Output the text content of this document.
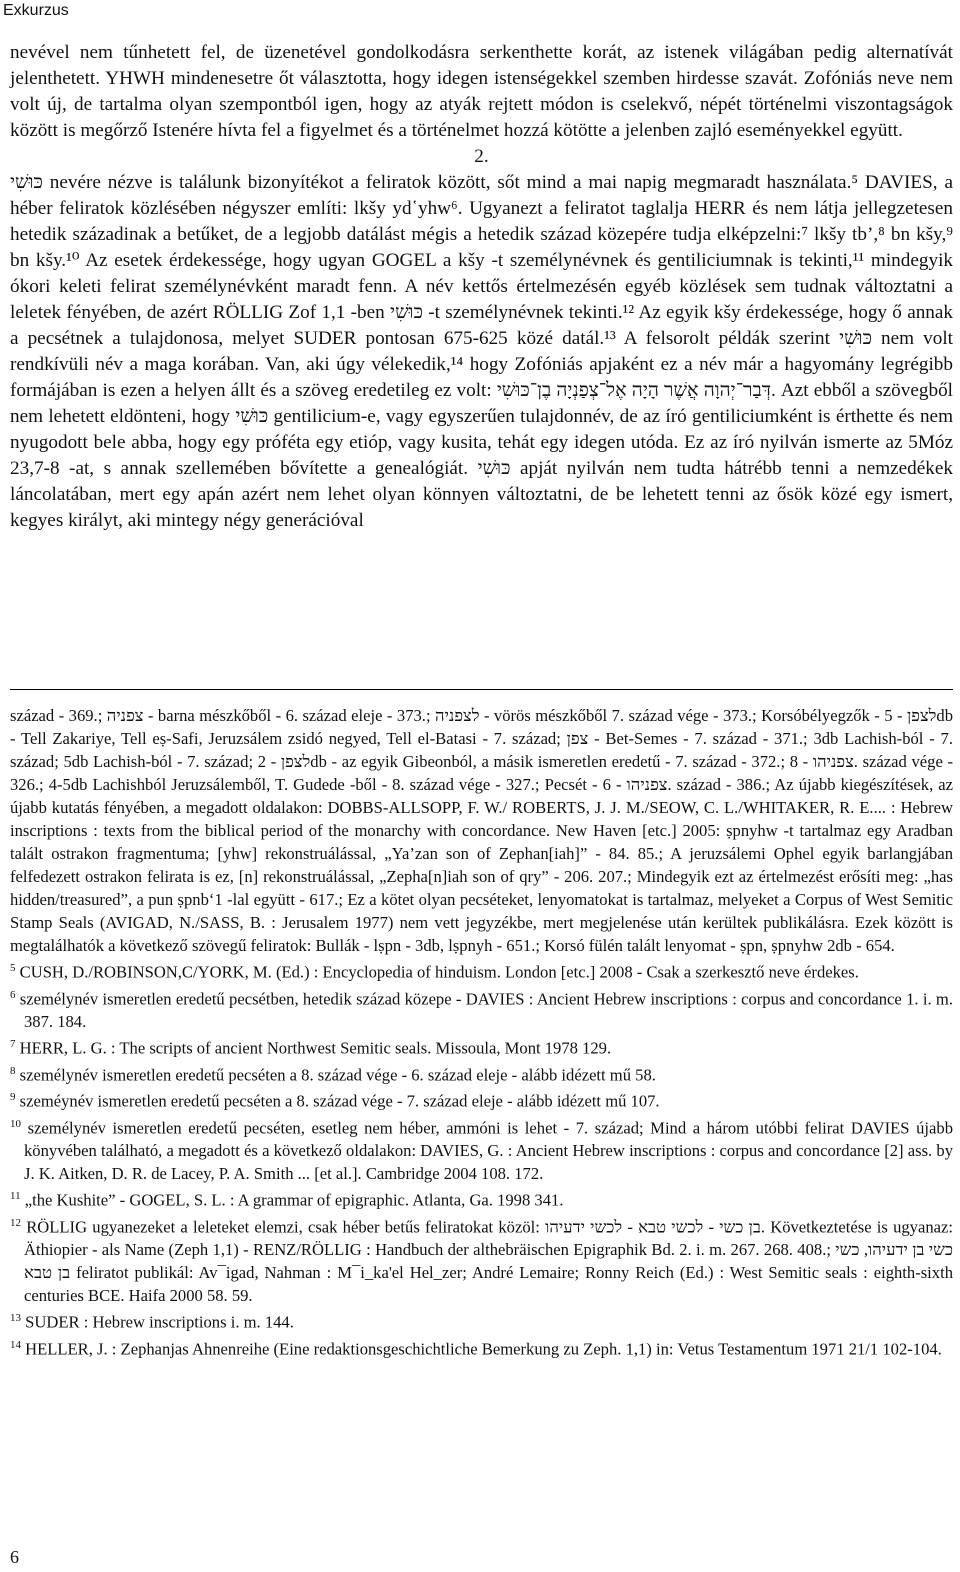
Exkurzus

nevével nem tűnhetett fel, de üzenetével gondolkodásra serkenthette korát, az istenek világában pedig alternatívát jelenthetett. YHWH mindenesetre őt választotta, hogy idegen istenségekkel szemben hirdesse szavát. Zofóniás neve nem volt új, de tartalma olyan szempontból igen, hogy az atyák rejtett módon is cselekvő, népét történelmi viszontagságok között is megőrző Istenére hívta fel a figyelmet és a történelmet hozzá kötötte a jelenben zajló eseményekkel együtt.

2.

כּוּשִׁי nevére nézve is találunk bizonyítékot a feliratok között, sőt mind a mai napig megmaradt használata.⁵ DAVIES, a héber feliratok közlésében négyszer említi: lkšy yd῾yhw⁶. Ugyanezt a feliratot taglalja HERR és nem látja jellegzetesen hetedik századinak a betűket, de a legjobb datálást mégis a hetedik század közepére tudja elképzelni:⁷ lkšy tb’,⁸ bn kšy,⁹ bn kšy.¹⁰ Az esetek érdekessége, hogy ugyan GOGEL a kšy -t személynévnek és gentiliciumnak is tekinti,¹¹ mindegyik ókori keleti felirat személynévként maradt fenn. A név kettős értelmezésén egyéb közlések sem tudnak változtatni a leletek fényében, de azért RÖLLIG Zof 1,1 -ben כּוּשִׁי -t személynévnek tekinti.¹² Az egyik kšy érdekessége, hogy ő annak a pecsétnek a tulajdonosa, melyet SUDER pontosan 675-625 közé datál.¹³ A felsorolt példák szerint כּוּשִׁי nem volt rendkívüli név a maga korában. Van, aki úgy vélekedik,¹⁴ hogy Zofóniás apjaként ez a név már a hagyomány legrégibb formájában is ezen a helyen állt és a szöveg eredetileg ez volt: דְּבַר־יְהוָה אֲשֶׁר הָיָה אֶל־צְפַנְיָה בֶן־כּוּשִׁי. Azt ebből a szövegből nem lehetett eldönteni, hogy כּוּשִׁי gentilicium-e, vagy egyszerűen tulajdonnév, de az író gentiliciumként is érthette és nem nyugodott bele abba, hogy egy próféta egy etióp, vagy kusita, tehát egy idegen utóda. Ez az író nyilván ismerte az 5Móz 23,7-8 -at, s annak szellemében bővítette a genealógiát. כּוּשִׁי apját nyilván nem tudta hátrébb tenni a nemzedékek láncolatában, mert egy apán azért nem lehet olyan könnyen változtatni, de be lehetett tenni az ősök közé egy ismert, kegyes királyt, aki mintegy négy generációval

század - 369.; צפניה - barna mészkőből - 6. század eleje - 373.; לצפניה - vörös mészkőből 7. század vége - 373.; Korsóbélyegzők - לצפן - 5db - Tell Zakariye, Tell eṣ-Safi, Jeruzsálem zsidó negyed, Tell el-Batasi - 7. század; צפן - Bet-Semes - 7. század - 371.; 3db Lachish-ból - 7. század; 5db Lachish-ból - 7. század; לצפן - 2db - az egyik Gibeonból, a másik ismeretlen eredetű - 7. század - 372.; צפניהו - 8. század vége - 326.; 4-5db Lachishból Jeruzsálemből, T. Gudede -ből - 8. század vége - 327.; Pecsét - צפניהו - 6. század - 386.; Az újabb kiegészítések, az újabb kutatás fényében, a megadott oldalakon: DOBBS-ALLSOPP, F. W./ ROBERTS, J. J. M./SEOW, C. L./WHITAKER, R. E.... : Hebrew inscriptions : texts from the biblical period of the monarchy with concordance. New Haven [etc.] 2005: ṣpnyhw -t tartalmaz egy Aradban talált ostrakon fragmentuma; [yhw] rekonstruálással, „Ya’zan son of Zephan[iah]” - 84. 85.; A jeruzsálemi Ophel egyik barlangjában felfedezett ostrakon felirata is ez, [n] rekonstruálással, „Zepha[n]iah son of qry” - 206. 207.; Mindegyik ezt az értelmezést erősíti meg: „has hidden/treasured”, a pun ṣpnb‘1 -lal együtt - 617.; Ez a kötet olyan pecséteket, lenyomatokat is tartalmaz, melyeket a Corpus of West Semitic Stamp Seals (AVIGAD, N./SASS, B. : Jerusalem 1977) nem vett jegyzékbe, mert megjelenése után kerültek publikálásra. Ezek között is megtalálhatók a következő szövegű feliratok: Bullák - lṣpn - 3db, lṣpnyh - 651.; Korsó fülén talált lenyomat - ṣpn, ṣpnyhw 2db - 654.

$^5$ CUSH, D./ROBINSON,C/YORK, M. (Ed.) : Encyclopedia of hinduism. London [etc.] 2008 - Csak a szerkesztő neve érdekes.

$^6$ személynév ismeretlen eredetű pecsétben, hetedik század közepe - DAVIES : Ancient Hebrew inscriptions : corpus and concordance 1. i. m. 387. 184.

$^7$ HERR, L. G. : The scripts of ancient Northwest Semitic seals. Missoula, Mont 1978 129.

$^8$ személynév ismeretlen eredetű pecséten a 8. század vége - 6. század eleje - alább idézett mű 58.

$^9$ szeméynév ismeretlen eredetű pecséten a 8. század vége - 7. század eleje - alább idézett mű 107.

$^{10}$ személynév ismeretlen eredetű pecséten, esetleg nem héber, ammóni is lehet - 7. század; Mind a három utóbbi felirat DAVIES újabb könyvében található, a megadott és a következő oldalakon: DAVIES, G. : Ancient Hebrew inscriptions : corpus and concordance [2] ass. by J. K. Aitken, D. R. de Lacey, P. A. Smith ... [et al.]. Cambridge 2004 108. 172.

$^{11}$ „the Kushite” - GOGEL, S. L. : A grammar of epigraphic. Atlanta, Ga. 1998 341.

$^{12}$ RÖLLIG ugyanezeket a leleteket elemzi, csak héber betűs feliratokat közöl: בן כשי - לכשי טבא - לכשי ידעיהו. Következtetése is ugyanaz: Äthiopier - als Name (Zeph 1,1) - RENZ/RÖLLIG : Handbuch der althebräischen Epigraphik Bd. 2. i. m. 267. 268. 408.; כשי בן ידעיהו, כשי בן טבא feliratot publikál: Av¯igad, Nahman : M¯i_ka'el Hel_zer; André Lemaire; Ronny Reich (Ed.) : West Semitic seals : eighth-sixth centuries BCE. Haifa 2000 58. 59.

$^{13}$ SUDER : Hebrew inscriptions i. m. 144.

$^{14}$ HELLER, J. : Zephanjas Ahnenreihe (Eine redaktionsgeschichtliche Bemerkung zu Zeph. 1,1) in: Vetus Testamentum 1971 21/1 102-104.

6
